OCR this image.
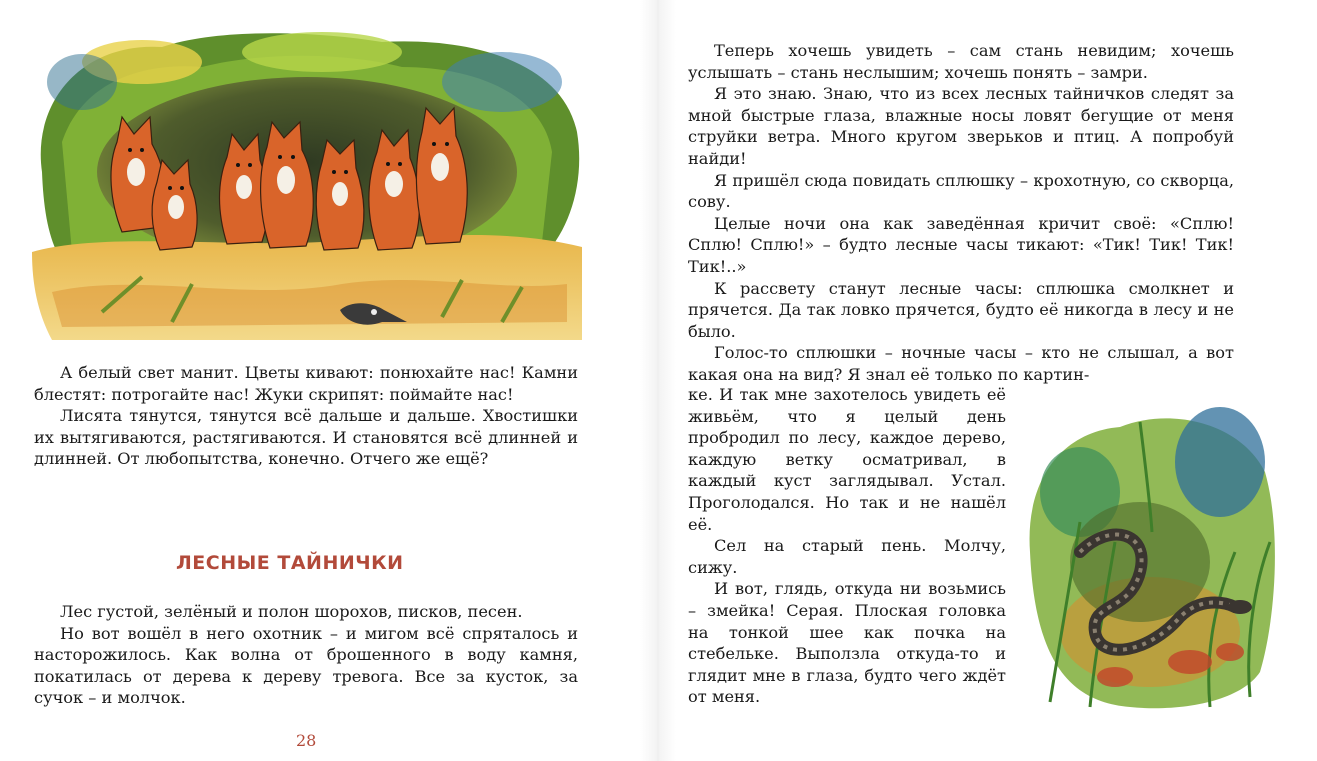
А белый свет манит. Цветы кивают: понюхайте нас! Камни блестят: потрогайте нас! Жуки скрипят: поймайте нас!

Лисята тянутся, тянутся всё дальше и дальше. Хвостишки их вытягиваются, растягиваются. И становятся всё длинней и длинней. От любопытства, конечно. Отчего же ещё?

ЛЕСНЫЕ ТАЙНИЧКИ

Лес густой, зелёный и полон шорохов, писков, песен.

Но вот вошёл в него охотник – и мигом всё спряталось и насторожилось. Как волна от брошенного в воду камня, покатилась от дерева к дереву тревога. Все за кусток, за сучок – и молчок.

28

Теперь хочешь увидеть – сам стань невидим; хочешь услышать – стань неслышим; хочешь понять – замри.

Я это знаю. Знаю, что из всех лесных тайничков следят за мной быстрые глаза, влажные носы ловят бегущие от меня струйки ветра. Много кругом зверьков и птиц. А попробуй найди!

Я пришёл сюда повидать сплюшку – крохотную, со скворца, сову.

Целые ночи она как заведённая кричит своё: «Сплю! Сплю! Сплю!» – будто лесные часы тикают: «Тик! Тик! Тик! Тик!..»

К рассвету станут лесные часы: сплюшка смолкнет и прячется. Да так ловко прячется, будто её никогда в лесу и не было.

Голос-то сплюшки – ночные часы – кто не слышал, а вот какая она на вид? Я знал её только по картин-

ке. И так мне захотелось увидеть её живьём, что я целый день пробродил по лесу, каждое дерево, каждую ветку осматривал, в каждый куст заглядывал. Устал. Проголодался. Но так и не нашёл её.

Сел на старый пень. Молчу, сижу.

И вот, глядь, откуда ни возьмись – змейка! Серая. Плоская головка на тонкой шее как почка на стебельке. Выползла откуда-то и глядит мне в глаза, будто чего ждёт от меня.
